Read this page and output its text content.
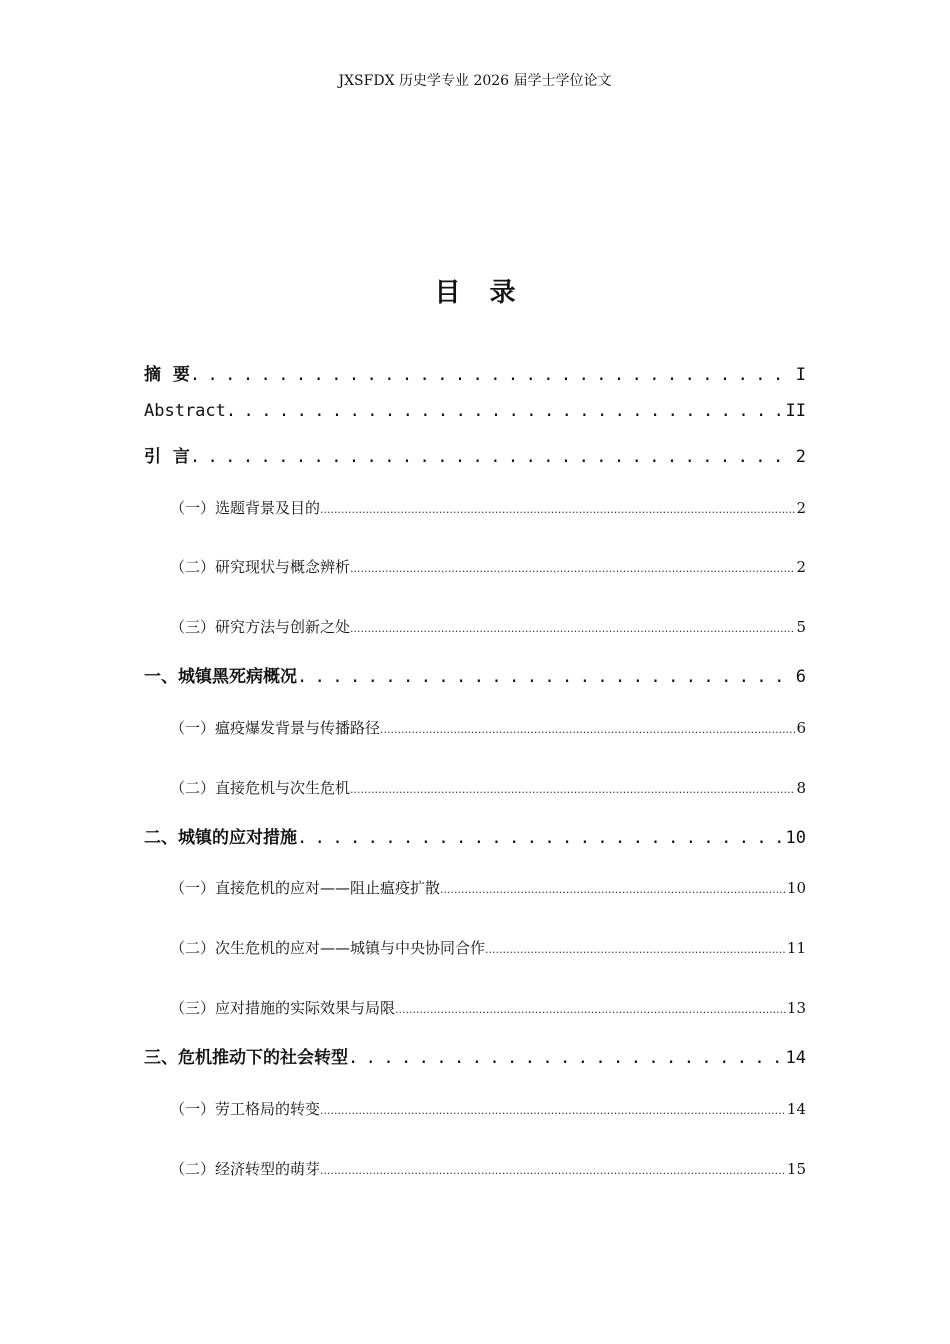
JXSFDX 历史学专业 2026 届学士学位论文
目 录
摘  要 . . .	I
Abstract . . .	II
引  言 . . .	2
（一）选题背景及目的 .....	2
（二）研究现状与概念辨析 .....	2
（三）研究方法与创新之处 .....	5
一、城镇黑死病概况 . . .	6
（一）瘟疫爆发背景与传播路径 .....	6
（二）直接危机与次生危机 .....	8
二、城镇的应对措施 . . .	10
（一）直接危机的应对——阻止瘟疫扩散 .....	10
（二）次生危机的应对——城镇与中央协同合作 .....	11
（三）应对措施的实际效果与局限 .....	13
三、危机推动下的社会转型 . . .	14
（一）劳工格局的转变 .....	14
（二）经济转型的萌芽 .....	15
